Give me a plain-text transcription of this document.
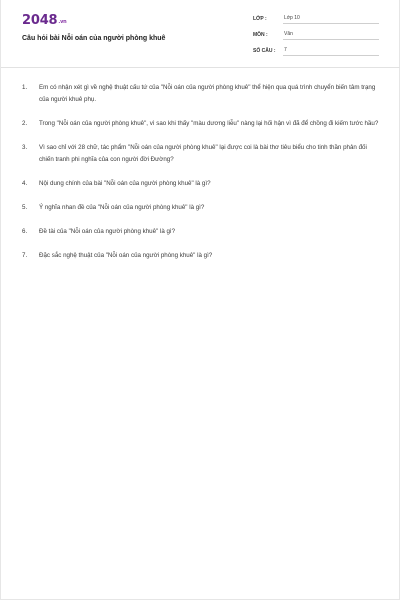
2048.vn
Câu hỏi bài Nỗi oán của người phòng khuê
LỚP :	Lớp 10
MÔN :	Văn
SỐ CÂU :	7
1.	Em có nhận xét gì về nghệ thuật cấu tứ của "Nỗi oán của người phòng khuê" thể hiện qua quá trình chuyển biến tâm trạng của người khuê phụ.
2.	Trong "Nỗi oán của người phòng khuê", vì sao khi thấy "màu dương liễu" nàng lại hối hận vì đã để chồng đi kiếm tước hầu?
3.	Vì sao chỉ với 28 chữ, tác phẩm "Nỗi oán của người phòng khuê" lại được coi là bài thơ tiêu biểu cho tinh thần phản đối chiến tranh phi nghĩa của con người đời Đường?
4.	Nội dung chính của bài "Nỗi oán của người phòng khuê" là gì?
5.	Ý nghĩa nhan đề của "Nỗi oán của người phòng khuê" là gì?
6.	Đề tài của "Nỗi oán của người phòng khuê" là gì?
7.	Đặc sắc nghệ thuật của "Nỗi oán của người phòng khuê" là gì?
